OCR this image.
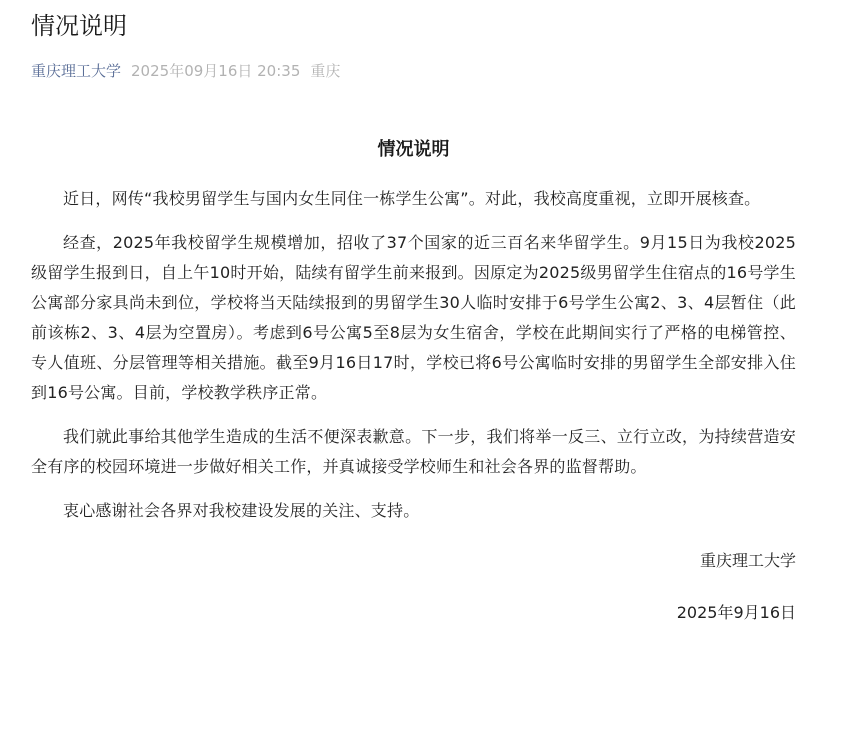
情况说明
重庆理工大学 2025年09月16日 20:35 重庆
情况说明

近日，网传“我校男留学生与国内女生同住一栋学生公寓”。对此，我校高度重视，立即开展核查。

经查，2025年我校留学生规模增加，招收了37个国家的近三百名来华留学生。9月15日为我校2025级留学生报到日，自上午10时开始，陆续有留学生前来报到。因原定为2025级男留学生住宿点的16号学生公寓部分家具尚未到位，学校将当天陆续报到的男留学生30人临时安排于6号学生公寓2、3、4层暂住（此前该栋2、3、4层为空置房）。考虑到6号公寓5至8层为女生宿舍，学校在此期间实行了严格的电梯管控、专人值班、分层管理等相关措施。截至9月16日17时，学校已将6号公寓临时安排的男留学生全部安排入住到16号公寓。目前，学校教学秩序正常。

我们就此事给其他学生造成的生活不便深表歉意。下一步，我们将举一反三、立行立改，为持续营造安全有序的校园环境进一步做好相关工作，并真诚接受学校师生和社会各界的监督帮助。

衷心感谢社会各界对我校建设发展的关注、支持。

重庆理工大学

2025年9月16日
